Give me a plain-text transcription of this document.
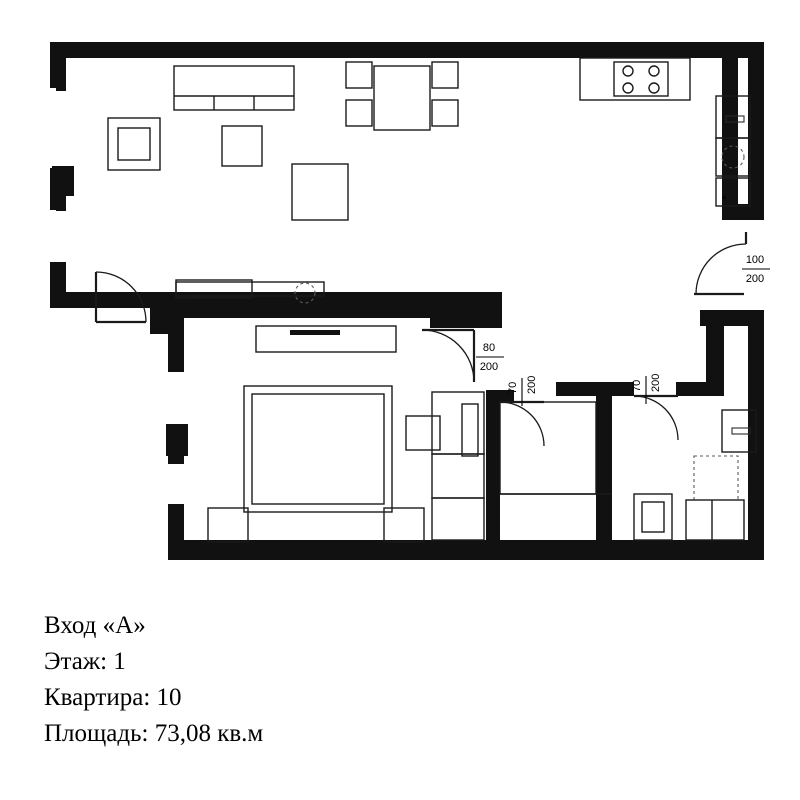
*
100
200
80
200
70 200	70 200
Вход «А»
Этаж: 1
Квартира: 10
Площадь: 73,08 кв.м
